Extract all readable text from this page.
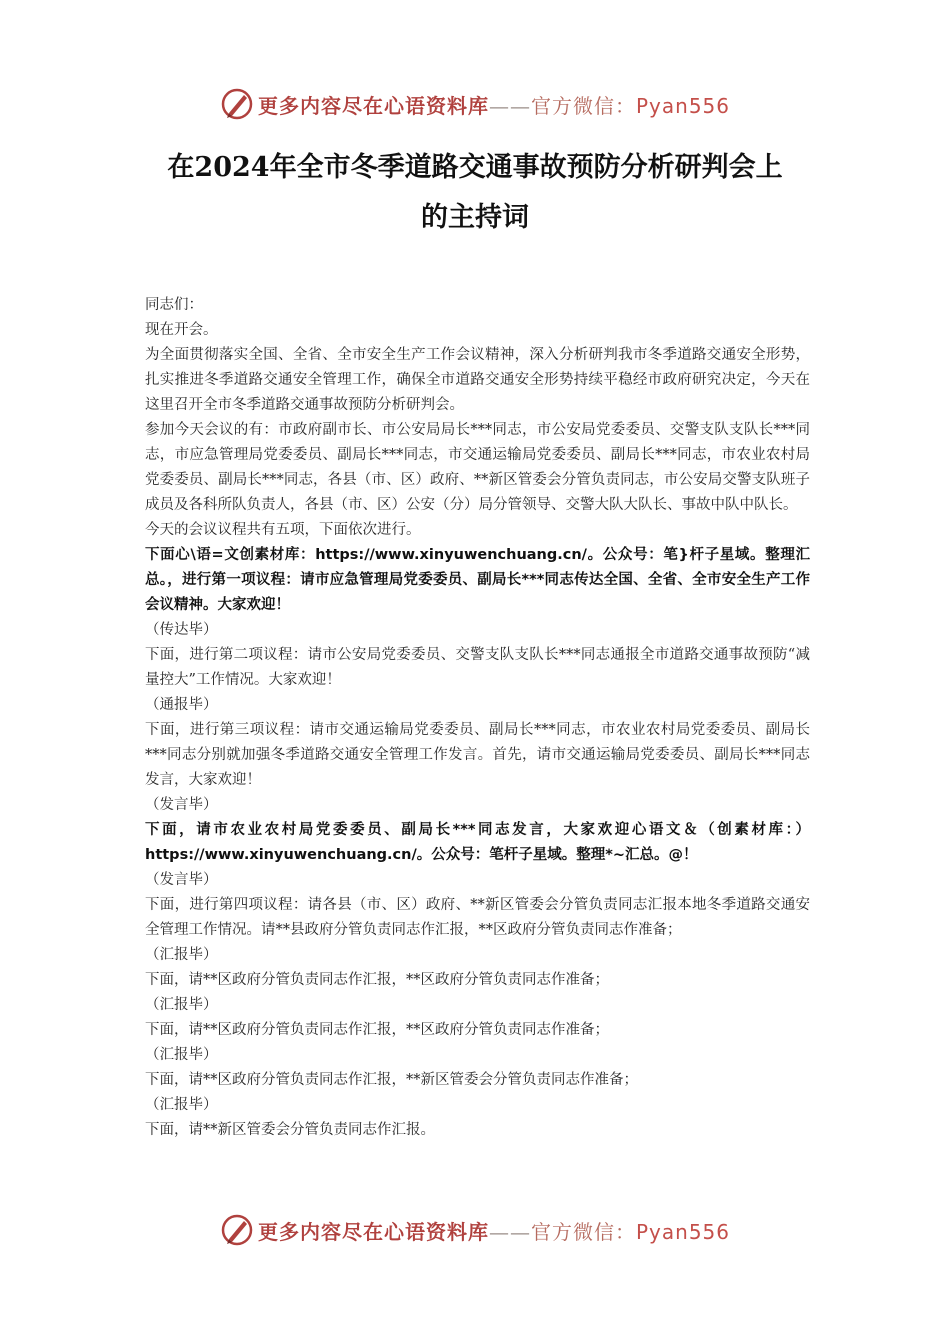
更多内容尽在心语资料库——官方微信：Pyan556
在2024年全市冬季道路交通事故预防分析研判会上
的主持词

同志们：

现在开会。

为全面贯彻落实全国、全省、全市安全生产工作会议精神，深入分析研判我市冬季道路交通安全形势，扎实推进冬季道路交通安全管理工作，确保全市道路交通安全形势持续平稳经市政府研究决定，今天在这里召开全市冬季道路交通事故预防分析研判会。

参加今天会议的有：市政府副市长、市公安局局长***同志，市公安局党委委员、交警支队支队长***同志，市应急管理局党委委员、副局长***同志，市交通运输局党委委员、副局长***同志，市农业农村局党委委员、副局长***同志，各县（市、区）政府、**新区管委会分管负责同志，市公安局交警支队班子成员及各科所队负责人，各县（市、区）公安（分）局分管领导、交警大队大队长、事故中队中队长。

今天的会议议程共有五项，下面依次进行。

下面心\语=文创素材库：https://www.xinyuwenchuang.cn/。公众号：笔}杆子星域。整理汇总。，进行第一项议程：请市应急管理局党委委员、副局长***同志传达全国、全省、全市安全生产工作会议精神。大家欢迎！

（传达毕）

下面，进行第二项议程：请市公安局党委委员、交警支队支队长***同志通报全市道路交通事故预防“减量控大”工作情况。大家欢迎！

（通报毕）

下面，进行第三项议程：请市交通运输局党委委员、副局长***同志，市农业农村局党委委员、副局长***同志分别就加强冬季道路交通安全管理工作发言。首先，请市交通运输局党委委员、副局长***同志发言，大家欢迎！

（发言毕）

下面，请市农业农村局党委委员、副局长***同志发言，大家欢迎心语文＆（创素材库：）https://www.xinyuwenchuang.cn/。公众号：笔杆子星域。整理*~汇总。@！

（发言毕）

下面，进行第四项议程：请各县（市、区）政府、**新区管委会分管负责同志汇报本地冬季道路交通安全管理工作情况。请**县政府分管负责同志作汇报，**区政府分管负责同志作准备；

（汇报毕）

下面，请**区政府分管负责同志作汇报，**区政府分管负责同志作准备；

（汇报毕）

下面，请**区政府分管负责同志作汇报，**区政府分管负责同志作准备；

（汇报毕）

下面，请**区政府分管负责同志作汇报，**新区管委会分管负责同志作准备；

（汇报毕）

下面，请**新区管委会分管负责同志作汇报。

更多内容尽在心语资料库——官方微信：Pyan556
